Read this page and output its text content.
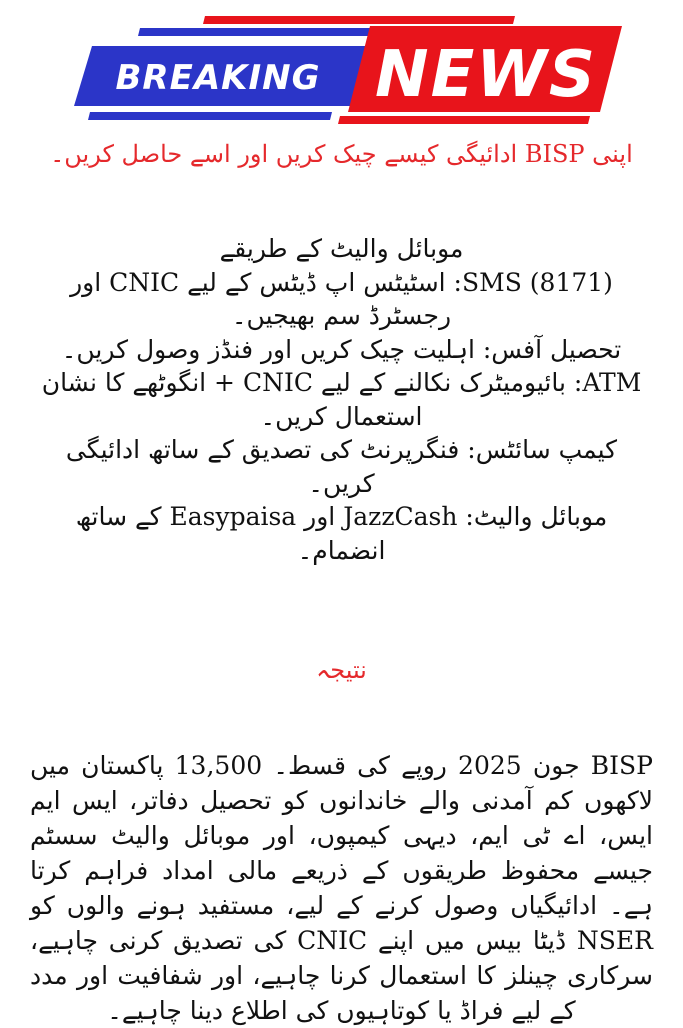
BREAKING NEWS
اپنی BISP ادائیگی کیسے چیک کریں اور اسے حاصل کریں۔

موبائل والیٹ کے طریقے

SMS (8171): اسٹیٹس اپ ڈیٹس کے لیے CNIC اور رجسٹرڈ سم بھیجیں۔

تحصیل آفس: اہلیت چیک کریں اور فنڈز وصول کریں۔

ATM: بائیومیٹرک نکالنے کے لیے CNIC + انگوٹھے کا نشان استعمال کریں۔

کیمپ سائٹس: فنگرپرنٹ کی تصدیق کے ساتھ ادائیگی کریں۔

موبائل والیٹ: JazzCash اور Easypaisa کے ساتھ انضمام۔

نتیجہ
BISP جون 2025 روپے کی قسط۔ 13,500 پاکستان میں لاکھوں کم آمدنی والے خاندانوں کو تحصیل دفاتر، ایس ایم ایس، اے ٹی ایم، دیہی کیمپوں، اور موبائل والیٹ سسٹم جیسے محفوظ طریقوں کے ذریعے مالی امداد فراہم کرتا ہے۔ ادائیگیاں وصول کرنے کے لیے، مستفید ہونے والوں کو NSER ڈیٹا بیس میں اپنے CNIC کی تصدیق کرنی چاہیے، سرکاری چینلز کا استعمال کرنا چاہیے، اور شفافیت اور مدد کے لیے فراڈ یا کوتاہیوں کی اطلاع دینا چاہیے۔
